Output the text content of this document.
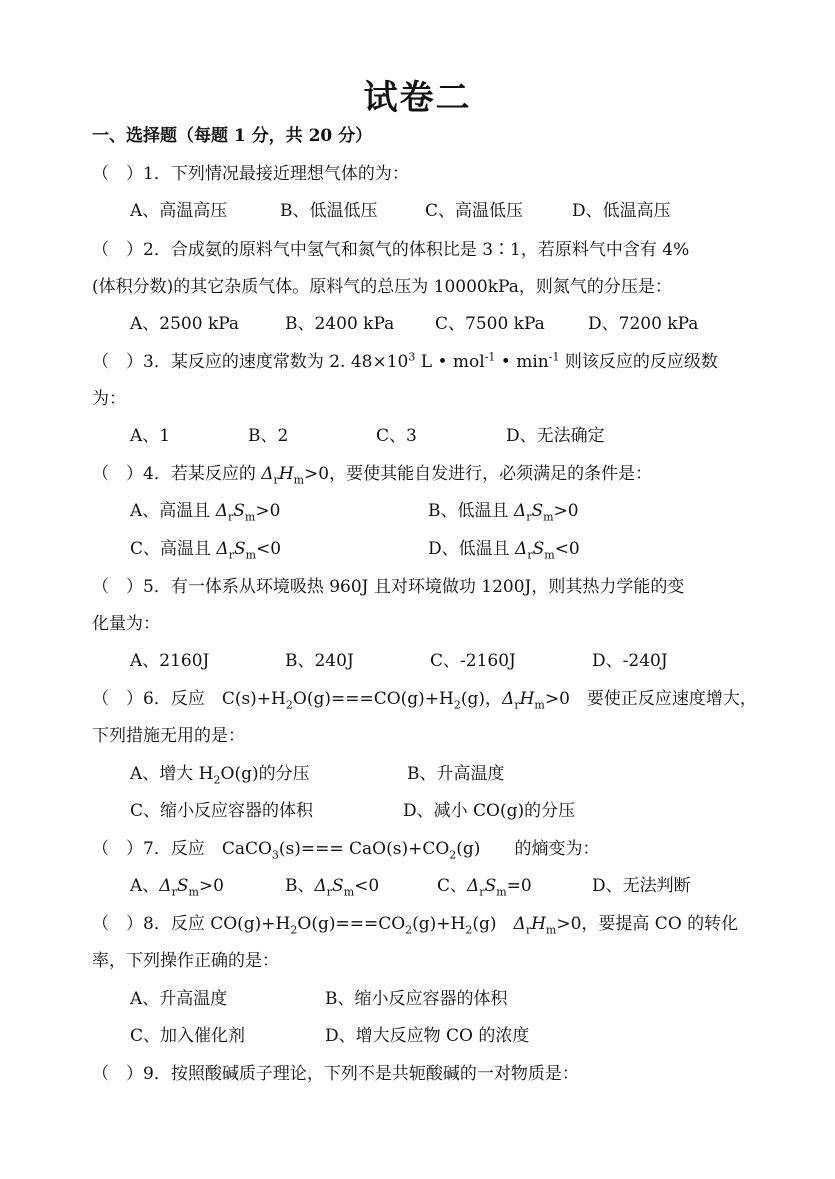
试卷二
一、选择题（每题 1 分，共 20 分）
（　）1．下列情况最接近理想气体的为：
A、高温高压	B、低温低压	C、高温低压	D、低温高压
（　）2．合成氨的原料气中氢气和氮气的体积比是 3∶1，若原料气中含有 4%
(体积分数)的其它杂质气体。原料气的总压为 10000kPa，则氮气的分压是：
A、2500 kPa	B、2400 kPa C、7500 kPa	D、7200 kPa
（　）3．某反应的速度常数为 2. $48\times 10^3$ L • mol$^{-1}$ • $\min^{-1}$ 则该反应的反应级数
为：
A、1	B、2	C、3	D、无法确定
（　）4．若某反应的 $\Delta_rH_m>0$，要使其能自发进行，必须满足的条件是：
A、高温且 $\Delta_rS_m>0$	B、低温且 $\Delta_rS_m>0$
C、高温且 $\Delta_rS_m<0$	D、低温且 $\Delta_rS_m<0$
（　）5．有一体系从环境吸热 960J 且对环境做功 1200J，则其热力学能的变
化量为：
A、2160J	B、240J	C、-2160J	D、-240J
（　）6．反应　$C(s)+H_2O(g)===CO(g)+H_2(g)$，$\Delta_rH_m>0$　要使正反应速度增大，
下列措施无用的是：
A、增大 $H_2O(g)$的分压	B、升高温度
C、缩小反应容器的体积	D、减小 CO(g)的分压
（　）7．反应　CaCO$_3$(s)=== $CaO(s)+CO_2(g)$　　的熵变为：
A、$\Delta_rS_m>0$	B、$\Delta_rS_m<0$	C、$\Delta_rS_m=0$	D、无法判断
（　）8．反应 $CO(g)+H_2O(g)===CO_2(g)+H_2(g)$　$\Delta_rH_m>0$，要提高 CO 的转化
率，下列操作正确的是：
A、升高温度	B、缩小反应容器的体积
C、加入催化剂	D、增大反应物 CO 的浓度
（　）9．按照酸碱质子理论，下列不是共轭酸碱的一对物质是：
